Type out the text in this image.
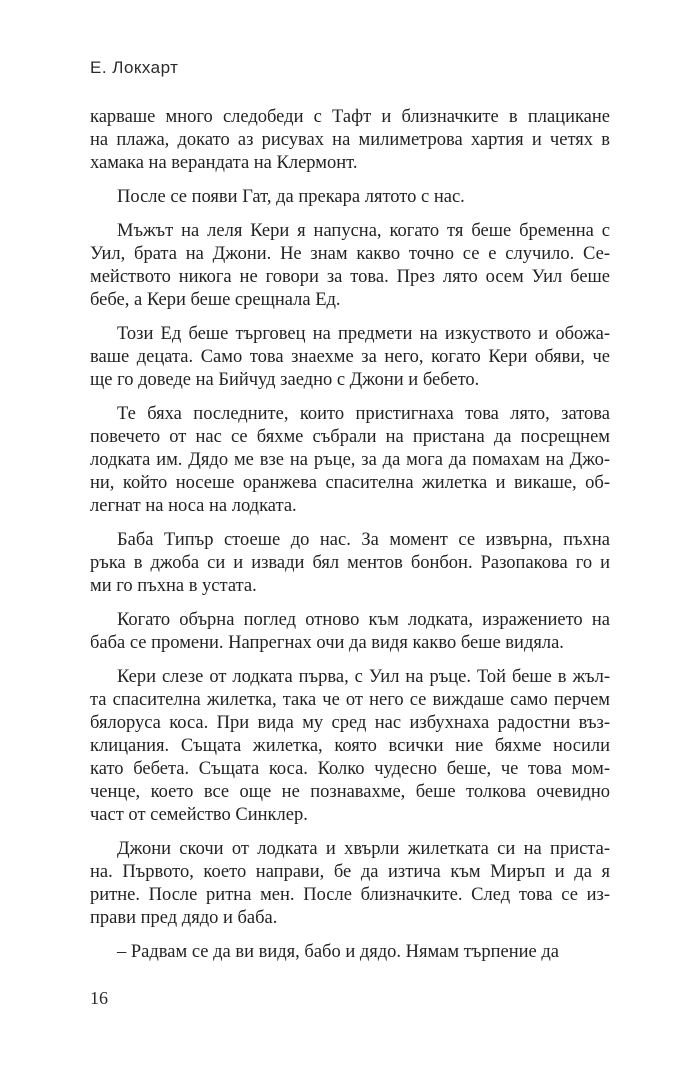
Е. Локхарт
карваше много следобеди с Тафт и близначките в плацикане
на плажа, докато аз рисувах на милиметрова хартия и четях в
хамака на верандата на Клермонт.
После се появи Гат, да прекара лятото с нас.
Мъжът на леля Кери я напусна, когато тя беше бременна с
Уил, брата на Джони. Не знам какво точно се е случило. Се-
мейството никога не говори за това. През лято осем Уил беше
бебе, а Кери беше срещнала Ед.
Този Ед беше търговец на предмети на изкуството и обожа-
ваше децата. Само това знаехме за него, когато Кери обяви, че
ще го доведе на Бийчуд заедно с Джони и бебето.
Те бяха последните, които пристигнаха това лято, затова
повечето от нас се бяхме събрали на пристана да посрещнем
лодката им. Дядо ме взе на ръце, за да мога да помахам на Джо-
ни, който носеше оранжева спасителна жилетка и викаше, об-
легнат на носа на лодката.
Баба Типър стоеше до нас. За момент се извърна, пъхна
ръка в джоба си и извади бял ментов бонбон. Разопакова го и
ми го пъхна в устата.
Когато обърна поглед отново към лодката, изражението на
баба се промени. Напрегнах очи да видя какво беше видяла.
Кери слезе от лодката първа, с Уил на ръце. Той беше в жъл-
та спасителна жилетка, така че от него се виждаше само перчем
бялоруса коса. При вида му сред нас избухнаха радостни въз-
клицания. Същата жилетка, която всички ние бяхме носили
като бебета. Същата коса. Колко чудесно беше, че това мом-
ченце, което все още не познавахме, беше толкова очевидно
част от семейство Синклер.
Джони скочи от лодката и хвърли жилетката си на приста-
на. Първото, което направи, бе да изтича към Миръп и да я
ритне. После ритна мен. После близначките. След това се из-
прави пред дядо и баба.
– Радвам се да ви видя, бабо и дядо. Нямам търпение да
16
